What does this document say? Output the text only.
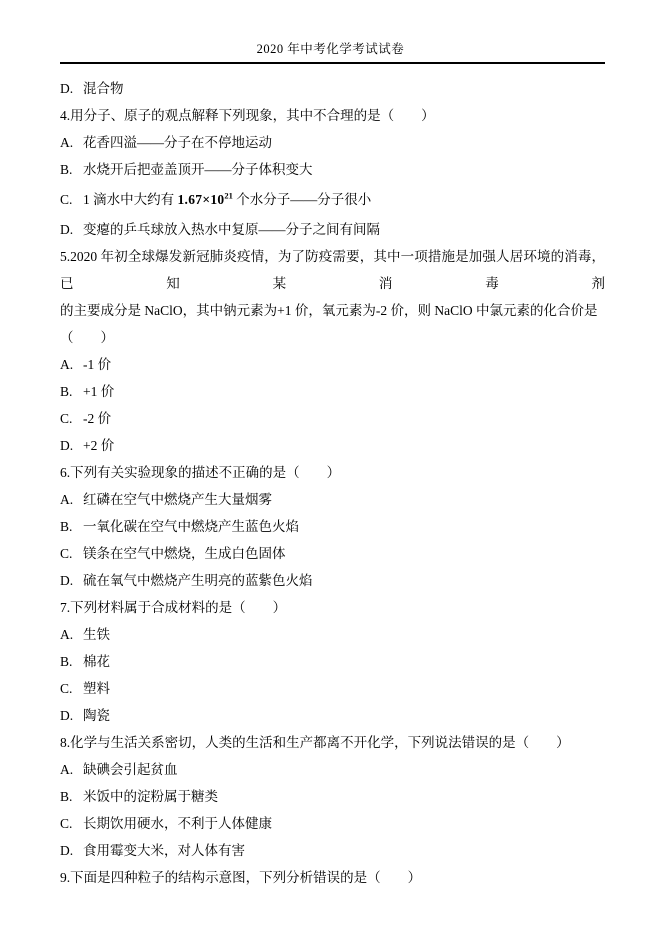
2020 年中考化学考试试卷
D. 混合物
4.用分子、原子的观点解释下列现象，其中不合理的是（　　）
A. 花香四溢――分子在不停地运动
B. 水烧开后把壶盖顶开――分子体积变大
C. 1 滴水中大约有 $1.67\times 10^{21}$ 个水分子――分子很小
D. 变瘪的乒乓球放入热水中复原――分子之间有间隔
5.2020 年初全球爆发新冠肺炎疫情，为了防疫需要，其中一项措施是加强人居环境的消毒，已知某消毒剂
的主要成分是 NaClO，其中钠元素为+1 价，氧元素为-2 价，则 NaClO 中氯元素的化合价是（　　）
A. -1 价
B. +1 价
C. -2 价
D. +2 价
6.下列有关实验现象的描述不正确的是（　　）
A. 红磷在空气中燃烧产生大量烟雾
B. 一氧化碳在空气中燃烧产生蓝色火焰
C. 镁条在空气中燃烧，生成白色固体
D. 硫在氧气中燃烧产生明亮的蓝紫色火焰
7.下列材料属于合成材料的是（　　）
A. 生铁
B. 棉花
C. 塑料
D. 陶瓷
8.化学与生活关系密切，人类的生活和生产都离不开化学，下列说法错误的是（　　）
A. 缺碘会引起贫血
B. 米饭中的淀粉属于糖类
C. 长期饮用硬水，不利于人体健康
D. 食用霉变大米，对人体有害
9.下面是四种粒子的结构示意图，下列分析错误的是（　　）
